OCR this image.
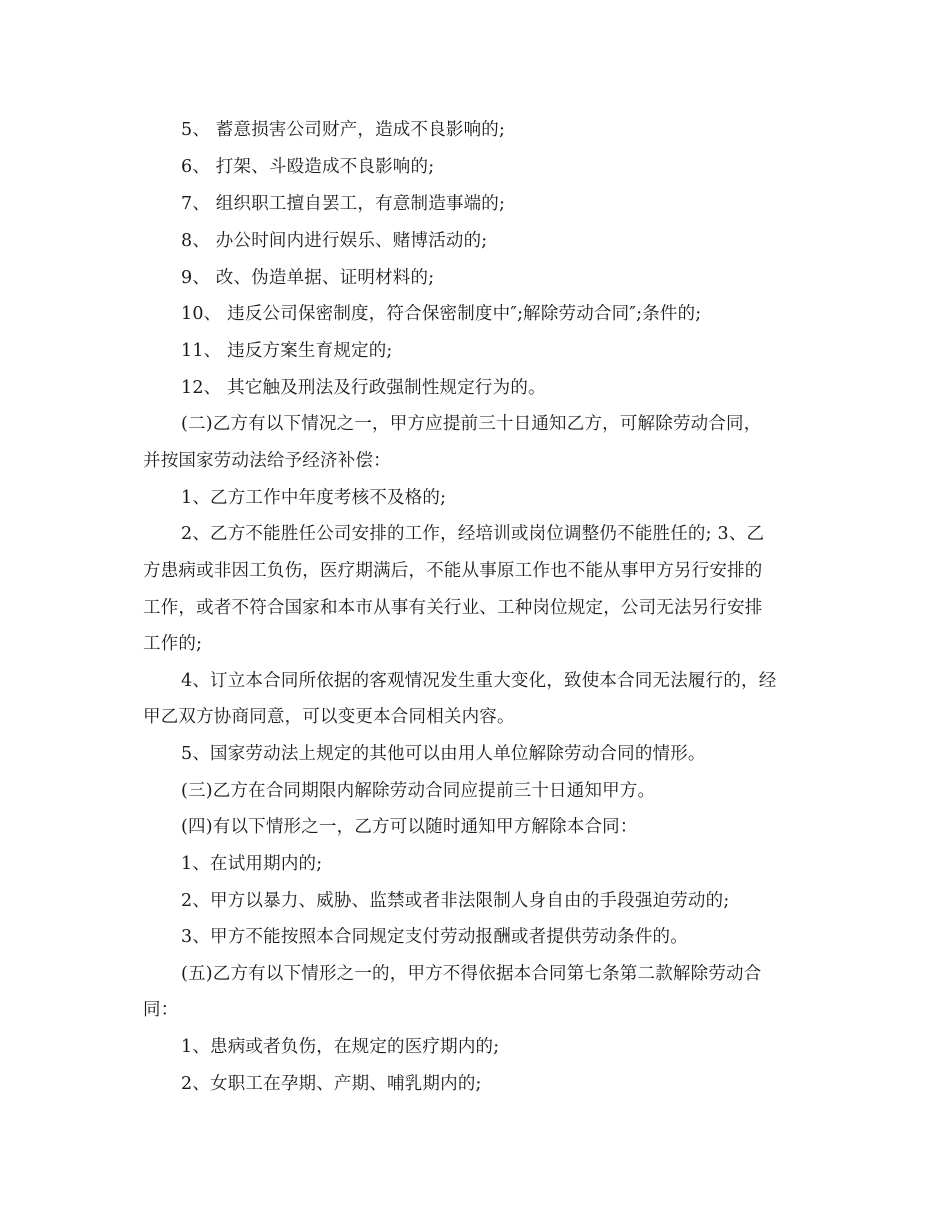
5、 蓄意损害公司财产，造成不良影响的;
6、 打架、斗殴造成不良影响的;
7、 组织职工擅自罢工，有意制造事端的;
8、 办公时间内进行娱乐、赌博活动的;
9、 改、伪造单据、证明材料的;
10、 违反公司保密制度，符合保密制度中″;解除劳动合同″;条件的;
11、 违反方案生育规定的;
12、 其它触及刑法及行政强制性规定行为的。
(二)乙方有以下情况之一，甲方应提前三十日通知乙方，可解除劳动合同，
并按国家劳动法给予经济补偿：
1、乙方工作中年度考核不及格的;
2、乙方不能胜任公司安排的工作，经培训或岗位调整仍不能胜任的; 3、乙
方患病或非因工负伤，医疗期满后，不能从事原工作也不能从事甲方另行安排的
工作，或者不符合国家和本市从事有关行业、工种岗位规定，公司无法另行安排
工作的;
4、订立本合同所依据的客观情况发生重大变化，致使本合同无法履行的，经
甲乙双方协商同意，可以变更本合同相关内容。
5、国家劳动法上规定的其他可以由用人单位解除劳动合同的情形。
(三)乙方在合同期限内解除劳动合同应提前三十日通知甲方。
(四)有以下情形之一，乙方可以随时通知甲方解除本合同：
1、在试用期内的;
2、甲方以暴力、威胁、监禁或者非法限制人身自由的手段强迫劳动的;
3、甲方不能按照本合同规定支付劳动报酬或者提供劳动条件的。
(五)乙方有以下情形之一的，甲方不得依据本合同第七条第二款解除劳动合
同：
1、患病或者负伤，在规定的医疗期内的;
2、女职工在孕期、产期、哺乳期内的;
